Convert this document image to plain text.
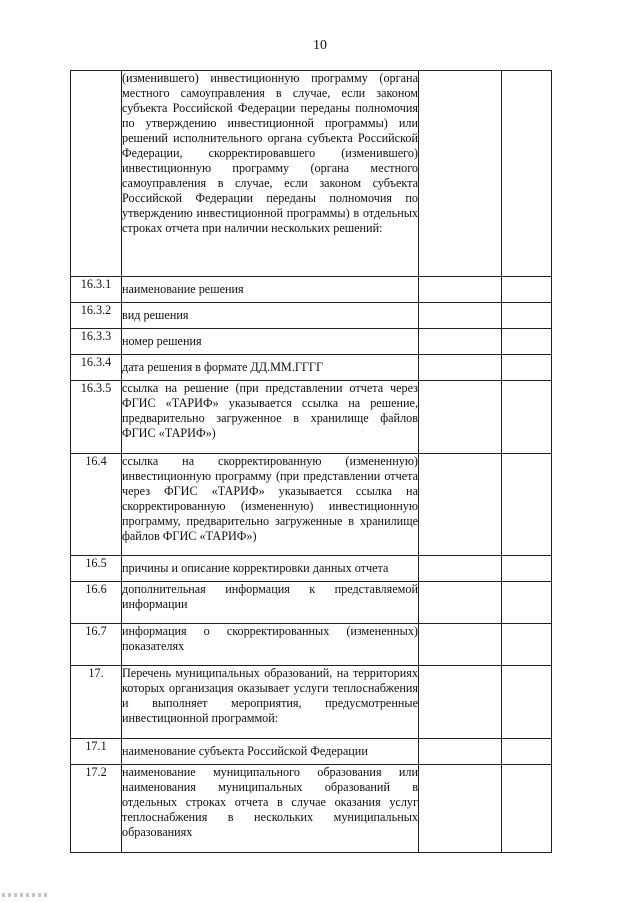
10
	(изменившего) инвестиционную программу (органа местного самоуправления в случае, если законом субъекта Российской Федерации переданы полномочия по утверждению инвестиционной программы) или решений исполнительного органа субъекта Российской Федерации, скорректировавшего (изменившего) инвестиционную программу (органа местного самоуправления в случае, если законом субъекта Российской Федерации переданы полномочия по утверждению инвестиционной программы) в отдельных строках отчета при наличии нескольких решений:		
16.3.1	наименование решения		
16.3.2	вид решения		
16.3.3	номер решения		
16.3.4	дата решения в формате ДД.ММ.ГГГГ		
16.3.5	ссылка на решение (при представлении отчета через ФГИС «ТАРИФ» указывается ссылка на решение, предварительно загруженное в хранилище файлов ФГИС «ТАРИФ»)		
16.4	ссылка на скорректированную (измененную) инвестиционную программу (при представлении отчета через ФГИС «ТАРИФ» указывается ссылка на скорректированную (измененную) инвестиционную программу, предварительно загруженные в хранилище файлов ФГИС «ТАРИФ»)		
16.5	причины и описание корректировки данных отчета		
16.6	дополнительная информация к представляемой информации		
16.7	информация о скорректированных (измененных) показателях		
17.	Перечень муниципальных образований, на территориях которых организация оказывает услуги теплоснабжения и выполняет мероприятия, предусмотренные инвестиционной программой:		
17.1	наименование субъекта Российской Федерации		
17.2	наименование муниципального образования или наименования муниципальных образований в отдельных строках отчета в случае оказания услуг теплоснабжения в нескольких муниципальных образованиях		
